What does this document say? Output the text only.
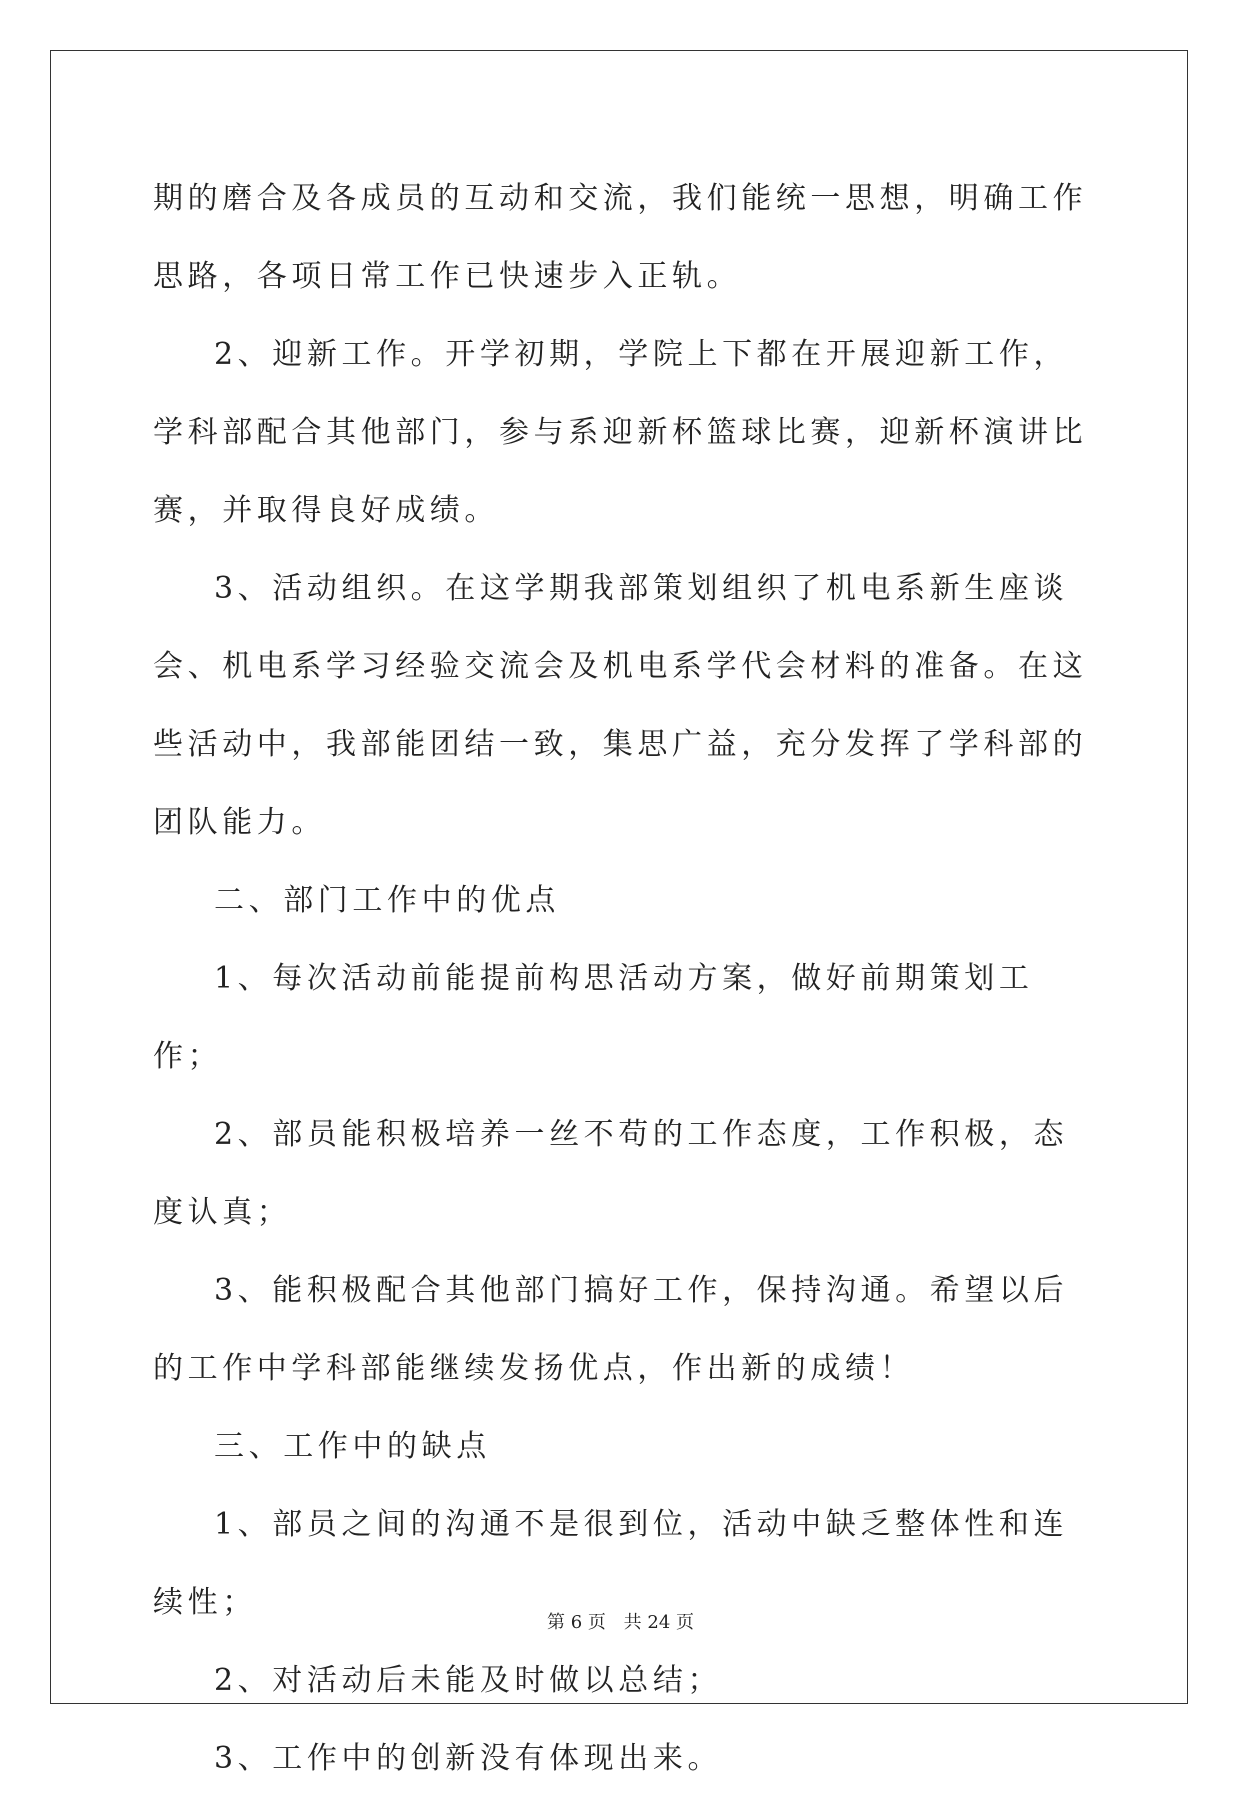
期的磨合及各成员的互动和交流，我们能统一思想，明确工作思路，各项日常工作已快速步入正轨。

2、迎新工作。开学初期，学院上下都在开展迎新工作，学科部配合其他部门，参与系迎新杯篮球比赛，迎新杯演讲比赛，并取得良好成绩。

3、活动组织。在这学期我部策划组织了机电系新生座谈会、机电系学习经验交流会及机电系学代会材料的准备。在这些活动中，我部能团结一致，集思广益，充分发挥了学科部的团队能力。

二、部门工作中的优点

1、每次活动前能提前构思活动方案，做好前期策划工作；

2、部员能积极培养一丝不苟的工作态度，工作积极，态度认真；

3、能积极配合其他部门搞好工作，保持沟通。希望以后的工作中学科部能继续发扬优点，作出新的成绩！

三、工作中的缺点

1、部员之间的沟通不是很到位，活动中缺乏整体性和连续性；

2、对活动后未能及时做以总结；

3、工作中的创新没有体现出来。

第 6 页 共 24 页
